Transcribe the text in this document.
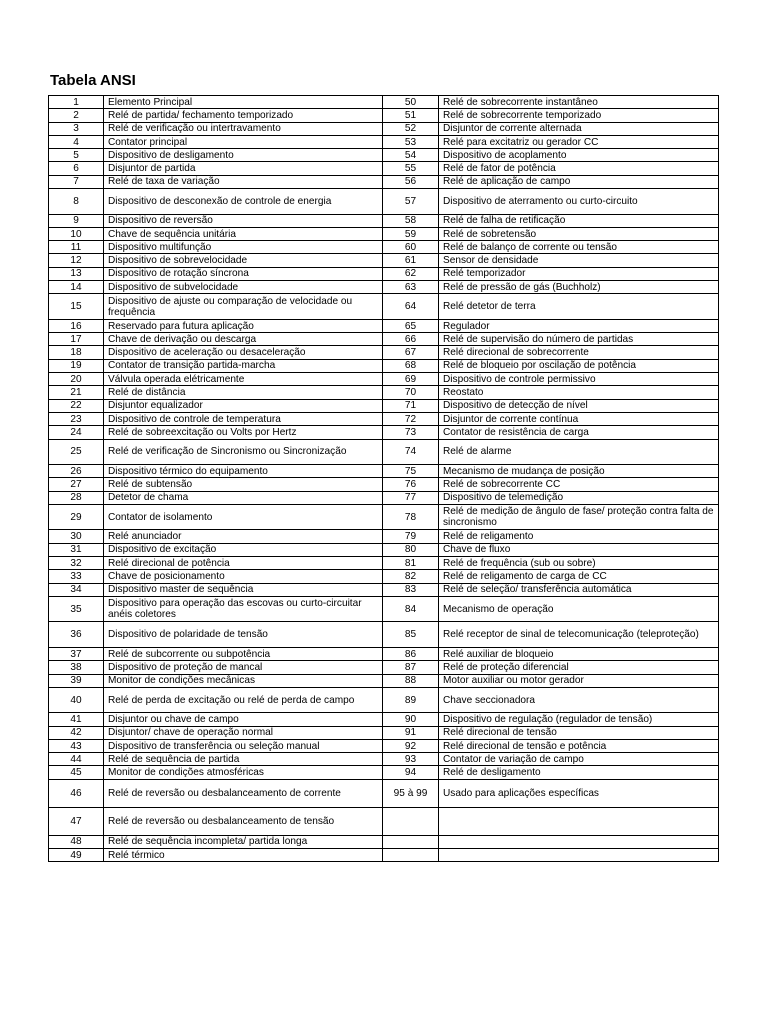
Tabela ANSI
1	Elemento Principal	50	Relé de sobrecorrente instantâneo
2	Relé de partida/ fechamento temporizado	51	Relé de sobrecorrente temporizado
3	Relé de verificação ou intertravamento	52	Disjuntor de corrente alternada
4	Contator principal	53	Relé para excitatriz ou gerador CC
5	Dispositivo de desligamento	54	Dispositivo de acoplamento
6	Disjuntor de partida	55	Relé de fator de potência
7	Relé de taxa de variação	56	Relé de aplicação de campo
8	Dispositivo de desconexão de controle de energia	57	Dispositivo de aterramento ou curto-circuito
9	Dispositivo de reversão	58	Relé de falha de retificação
10	Chave de sequência unitária	59	Relé de sobretensão
11	Dispositivo multifunção	60	Relé de balanço de corrente ou tensão
12	Dispositivo de sobrevelocidade	61	Sensor de densidade
13	Dispositivo de rotação síncrona	62	Relé temporizador
14	Dispositivo de subvelocidade	63	Relé de pressão de gás (Buchholz)
15	Dispositivo de ajuste ou comparação de velocidade ou frequência	64	Relé detetor de terra
16	Reservado para futura aplicação	65	Regulador
17	Chave de derivação ou descarga	66	Relé de supervisão do número de partidas
18	Dispositivo de aceleração ou desaceleração	67	Relé direcional de sobrecorrente
19	Contator de transição partida-marcha	68	Relé de bloqueio por oscilação de potência
20	Válvula operada elétricamente	69	Dispositivo de controle permissivo
21	Relé de distância	70	Reostato
22	Disjuntor equalizador	71	Dispositivo de detecção de nível
23	Dispositivo de controle de temperatura	72	Disjuntor de corrente contínua
24	Relé de sobreexcitação ou Volts por Hertz	73	Contator de resistência de carga
25	Relé de verificação de Sincronismo ou Sincronização	74	Relé de alarme
26	Dispositivo térmico do equipamento	75	Mecanismo de mudança de posição
27	Relé de subtensão	76	Relé de sobrecorrente CC
28	Detetor de chama	77	Dispositivo de telemedição
29	Contator de isolamento	78	Relé de medição de ângulo de fase/ proteção contra falta de sincronismo
30	Relé anunciador	79	Relé de religamento
31	Dispositivo de excitação	80	Chave de fluxo
32	Relé direcional de potência	81	Relé de frequência (sub ou sobre)
33	Chave de posicionamento	82	Relé de religamento de carga de CC
34	Dispositivo master de sequência	83	Relé de seleção/ transferência automática
35	Dispositivo para operação das escovas ou curto-circuitar anéis coletores	84	Mecanismo de operação
36	Dispositivo de polaridade de tensão	85	Relé receptor de sinal de telecomunicação (teleproteção)
37	Relé de subcorrente ou subpotência	86	Relé auxiliar de bloqueio
38	Dispositivo de proteção de mancal	87	Relé de proteção diferencial
39	Monitor de condições mecânicas	88	Motor auxiliar ou motor gerador
40	Relé de perda de excitação ou relé de perda de campo	89	Chave seccionadora
41	Disjuntor ou chave de campo	90	Dispositivo de regulação (regulador de tensão)
42	Disjuntor/ chave de operação normal	91	Relé direcional de tensão
43	Dispositivo de transferência ou seleção manual	92	Relé direcional de tensão e potência
44	Relé de sequência de partida	93	Contator de variação de campo
45	Monitor de condições atmosféricas	94	Relé de desligamento
46	Relé de reversão ou desbalanceamento de corrente	95 à 99	Usado para aplicações específicas
47	Relé de reversão ou desbalanceamento de tensão		
48	Relé de sequência incompleta/ partida longa		
49	Relé térmico		
